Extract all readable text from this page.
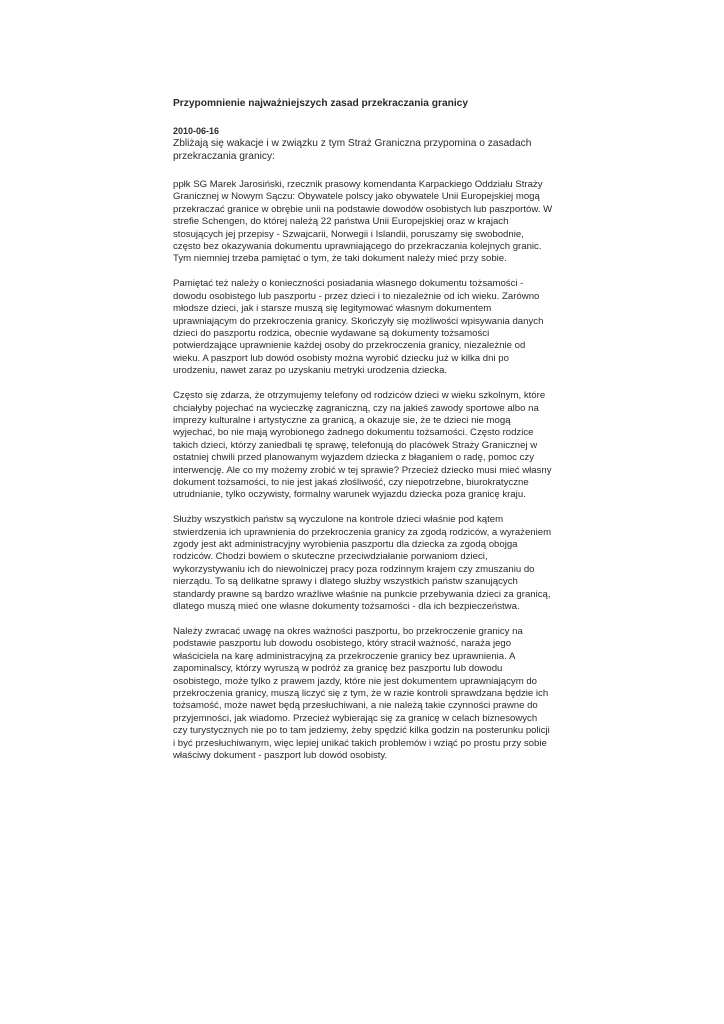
Przypomnienie najważniejszych zasad przekraczania granicy
2010-06-16

Zbliżają się wakacje i w związku z tym Straż Graniczna przypomina o zasadach przekraczania granicy:

ppłk SG Marek Jarosiński, rzecznik prasowy komendanta Karpackiego Oddziału Straży Granicznej w Nowym Sączu: Obywatele polscy jako obywatele Unii Europejskiej mogą przekraczać granice w obrębie unii na podstawie dowodów osobistych lub paszportów. W strefie Schengen, do której należą 22 państwa Unii Europejskiej oraz w krajach stosujących jej przepisy - Szwajcarii, Norwegii i Islandii, poruszamy się swobodnie, często bez okazywania dokumentu uprawniającego do przekraczania kolejnych granic. Tym niemniej trzeba pamiętać o tym, że taki dokument należy mieć przy sobie.

Pamiętać też należy o konieczności posiadania własnego dokumentu tożsamości - dowodu osobistego lub paszportu - przez dzieci i to niezależnie od ich wieku. Zarówno młodsze dzieci, jak i starsze muszą się legitymować własnym dokumentem uprawniającym do przekroczenia granicy. Skończyły się możliwości wpisywania danych dzieci do paszportu rodzica, obecnie wydawane są dokumenty tożsamości potwierdzające uprawnienie każdej osoby do przekroczenia granicy, niezależnie od wieku. A paszport lub dowód osobisty można wyrobić dziecku już w kilka dni po urodzeniu, nawet zaraz po uzyskaniu metryki urodzenia dziecka.

Często się zdarza, że otrzymujemy telefony od rodziców dzieci w wieku szkolnym, które chciałyby pojechać na wycieczkę zagraniczną, czy na jakieś zawody sportowe albo na imprezy kulturalne i artystyczne za granicą, a okazuje sie, że te dzieci nie mogą wyjechać, bo nie mają wyrobionego żadnego dokumentu tożsamości. Często rodzice takich dzieci, którzy zaniedbali tę sprawę, telefonują do placówek Straży Granicznej w ostatniej chwili przed planowanym wyjazdem dziecka z błaganiem o radę, pomoc czy interwencję. Ale co my możemy zrobić w tej sprawie? Przecież dziecko musi mieć własny dokument tożsamości, to nie jest jakaś złośliwość, czy niepotrzebne, biurokratyczne utrudnianie, tylko oczywisty, formalny warunek wyjazdu dziecka poza granicę kraju.

Służby wszystkich państw są wyczulone na kontrole dzieci właśnie pod kątem stwierdzenia ich uprawnienia do przekroczenia granicy za zgodą rodziców, a wyrażeniem zgody jest akt administracyjny wyrobienia paszportu dla dziecka za zgodą obojga rodziców. Chodzi bowiem o skuteczne przeciwdziałanie porwaniom dzieci, wykorzystywaniu ich do niewolniczej pracy poza rodzinnym krajem czy zmuszaniu do nierządu. To są delikatne sprawy i dlatego służby wszystkich państw szanujących standardy prawne są bardzo wrażliwe właśnie na punkcie przebywania dzieci za granicą, dlatego muszą mieć one własne dokumenty tożsamości - dla ich bezpieczeństwa.

Należy zwracać uwagę na okres ważności paszportu, bo przekroczenie granicy na podstawie paszportu lub dowodu osobistego, który stracił ważność, naraża jego właściciela na karę administracyjną za przekroczenie granicy bez uprawnienia. A zapominalscy, którzy wyruszą w podróż za granicę bez paszportu lub dowodu osobistego, może tylko z prawem jazdy, które nie jest dokumentem uprawniającym do przekroczenia granicy, muszą liczyć się z tym, że w razie kontroli sprawdzana będzie ich tożsamość, może nawet będą przesłuchiwani, a nie należą takie czynności prawne do przyjemności, jak wiadomo. Przecież wybierając się za granicę w celach biznesowych czy turystycznych nie po to tam jedziemy, żeby spędzić kilka godzin na posterunku policji i być przesłuchiwanym, więc lepiej unikać takich problemów i wziąć po prostu przy sobie właściwy dokument - paszport lub dowód osobisty.
